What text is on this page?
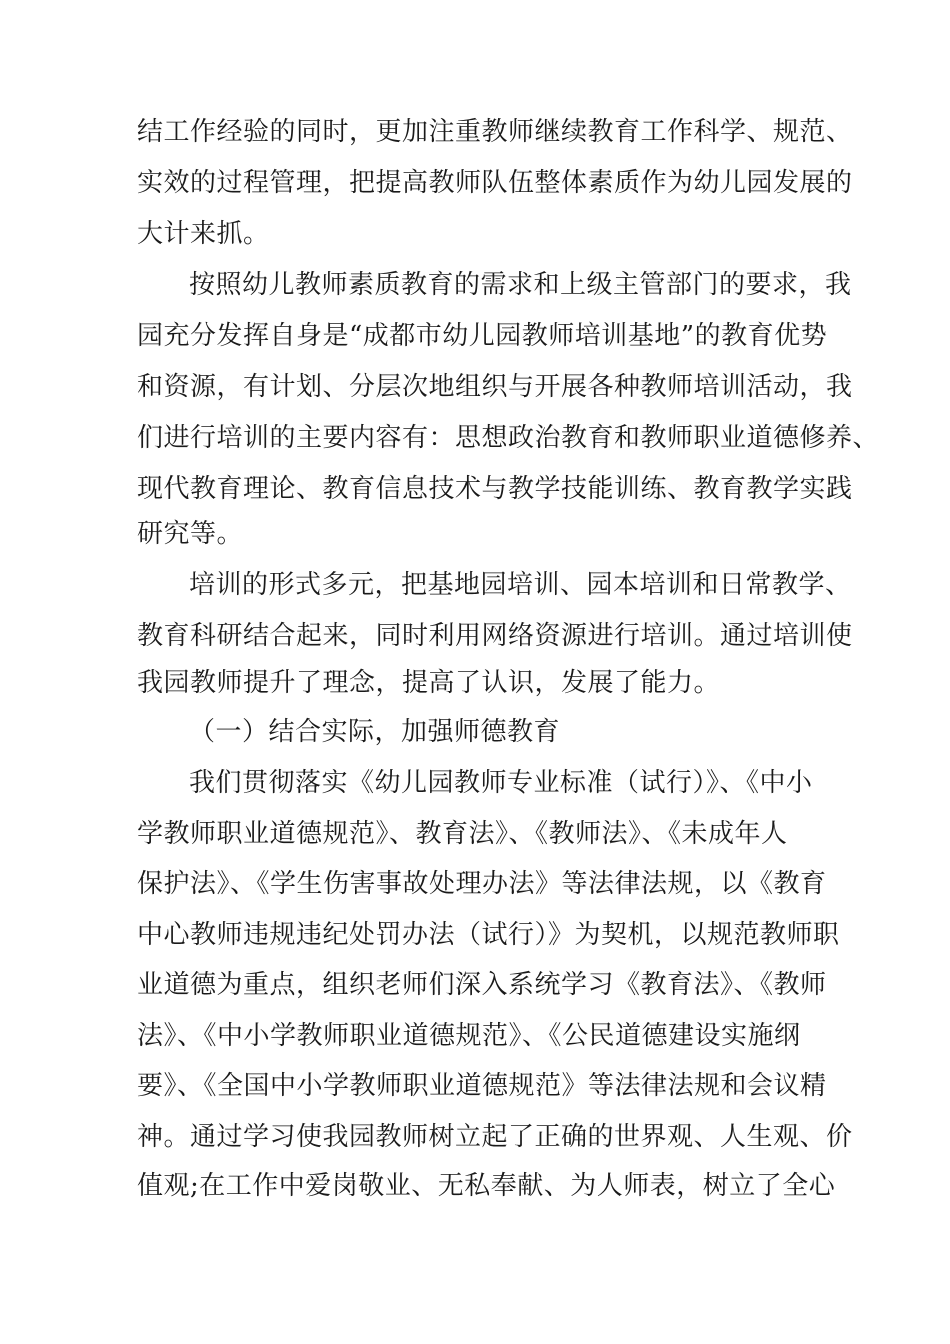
结工作经验的同时，更加注重教师继续教育工作科学、规范、
实效的过程管理，把提高教师队伍整体素质作为幼儿园发展的
大计来抓。
按照幼儿教师素质教育的需求和上级主管部门的要求，我
园充分发挥自身是“成都市幼儿园教师培训基地”的教育优势
和资源，有计划、分层次地组织与开展各种教师培训活动，我
们进行培训的主要内容有：思想政治教育和教师职业道德修养、
现代教育理论、教育信息技术与教学技能训练、教育教学实践
研究等。
培训的形式多元，把基地园培训、园本培训和日常教学、
教育科研结合起来，同时利用网络资源进行培训。通过培训使
我园教师提升了理念，提高了认识，发展了能力。
（一）结合实际，加强师德教育
我们贯彻落实《幼儿园教师专业标准（试行）》、《中小
学教师职业道德规范》、教育法》、《教师法》、《未成年人
保护法》、《学生伤害事故处理办法》等法律法规，以《教育
中心教师违规违纪处罚办法（试行）》为契机，以规范教师职
业道德为重点，组织老师们深入系统学习《教育法》、《教师
法》、《中小学教师职业道德规范》、《公民道德建设实施纲
要》、《全国中小学教师职业道德规范》等法律法规和会议精
神。通过学习使我园教师树立起了正确的世界观、人生观、价
值观;在工作中爱岗敬业、无私奉献、为人师表，树立了全心
